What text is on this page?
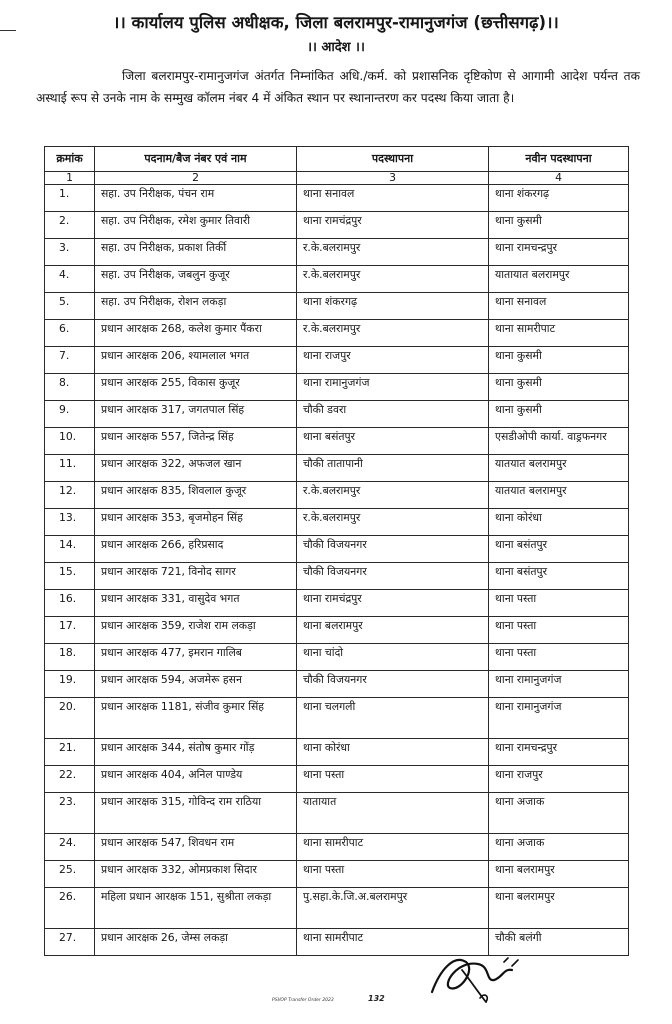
।। कार्यालय पुलिस अधीक्षक, जिला बलरामपुर-रामानुजगंज (छत्तीसगढ़)।।
।। आदेश ।।
जिला बलरामपुर-रामानुजगंज अंतर्गत निम्नांकित अधि./कर्म. को प्रशासनिक दृष्टिकोण से आगामी आदेश पर्यन्त तक अस्थाई रूप से उनके नाम के सम्मुख कॉलम नंबर 4 में अंकित स्थान पर स्थानान्तरण कर पदस्थ किया जाता है।
क्रमांक	पदनाम/बैज नंबर एवं नाम	पदस्थापना	नवीन पदस्थापना
1	2	3	4
1.	सहा. उप निरीक्षक, पंचन राम	थाना सनावल	थाना शंकरगढ़
2.	सहा. उप निरीक्षक, रमेश कुमार तिवारी	थाना रामचंद्रपुर	थाना कुसमी
3.	सहा. उप निरीक्षक, प्रकाश तिर्की	र.के.बलरामपुर	थाना रामचन्द्रपुर
4.	सहा. उप निरीक्षक, जबलुन कुजूर	र.के.बलरामपुर	यातायात बलरामपुर
5.	सहा. उप निरीक्षक, रोशन लकड़ा	थाना शंकरगढ़	थाना सनावल
6.	प्रधान आरक्षक 268, कलेश कुमार पैंकरा	र.के.बलरामपुर	थाना सामरीपाट
7.	प्रधान आरक्षक 206, श्यामलाल भगत	थाना राजपुर	थाना कुसमी
8.	प्रधान आरक्षक 255, विकास कुजूर	थाना रामानुजगंज	थाना कुसमी
9.	प्रधान आरक्षक 317, जगतपाल सिंह	चौकी डवरा	थाना कुसमी
10.	प्रधान आरक्षक 557, जितेन्द्र सिंह	थाना बसंतपुर	एसडीओपी कार्या. वाड्रफनगर
11.	प्रधान आरक्षक 322, अफजल खान	चौकी तातापानी	यातयात बलरामपुर
12.	प्रधान आरक्षक 835, शिवलाल कुजूर	र.के.बलरामपुर	यातयात बलरामपुर
13.	प्रधान आरक्षक 353, बृजमोहन सिंह	र.के.बलरामपुर	थाना कोरंधा
14.	प्रधान आरक्षक 266, हरिप्रसाद	चौकी विजयनगर	थाना बसंतपुर
15.	प्रधान आरक्षक 721, विनोद सागर	चौकी विजयनगर	थाना बसंतपुर
16.	प्रधान आरक्षक 331, वासुदेव भगत	थाना रामचंद्रपुर	थाना पस्ता
17.	प्रधान आरक्षक 359, राजेश राम लकड़ा	थाना बलरामपुर	थाना पस्ता
18.	प्रधान आरक्षक 477, इमरान गालिब	थाना चांदो	थाना पस्ता
19.	प्रधान आरक्षक 594, अजमेरू हसन	चौकी विजयनगर	थाना रामानुजगंज
20.	प्रधान आरक्षक 1181, संजीव कुमार सिंह	थाना चलगली	थाना रामानुजगंज
21.	प्रधान आरक्षक 344, संतोष कुमार गोंड़	थाना कोरंधा	थाना रामचन्द्रपुर
22.	प्रधान आरक्षक 404, अनिल पाण्डेय	थाना पस्ता	थाना राजपुर
23.	प्रधान आरक्षक 315, गोविन्द राम राठिया	यातायात	थाना अजाक
24.	प्रधान आरक्षक 547, शिवधन राम	थाना सामरीपाट	थाना अजाक
25.	प्रधान आरक्षक 332, ओमप्रकाश सिदार	थाना पस्ता	थाना बलरामपुर
26.	महिला प्रधान आरक्षक 151, सुश्रीता लकड़ा	पु.सहा.के.जि.अ.बलरामपुर	थाना बलरामपुर
27.	प्रधान आरक्षक 26, जेम्स लकड़ा	थाना सामरीपाट	चौकी बलंगी
PSI/OP Transfer Order 2023	132
